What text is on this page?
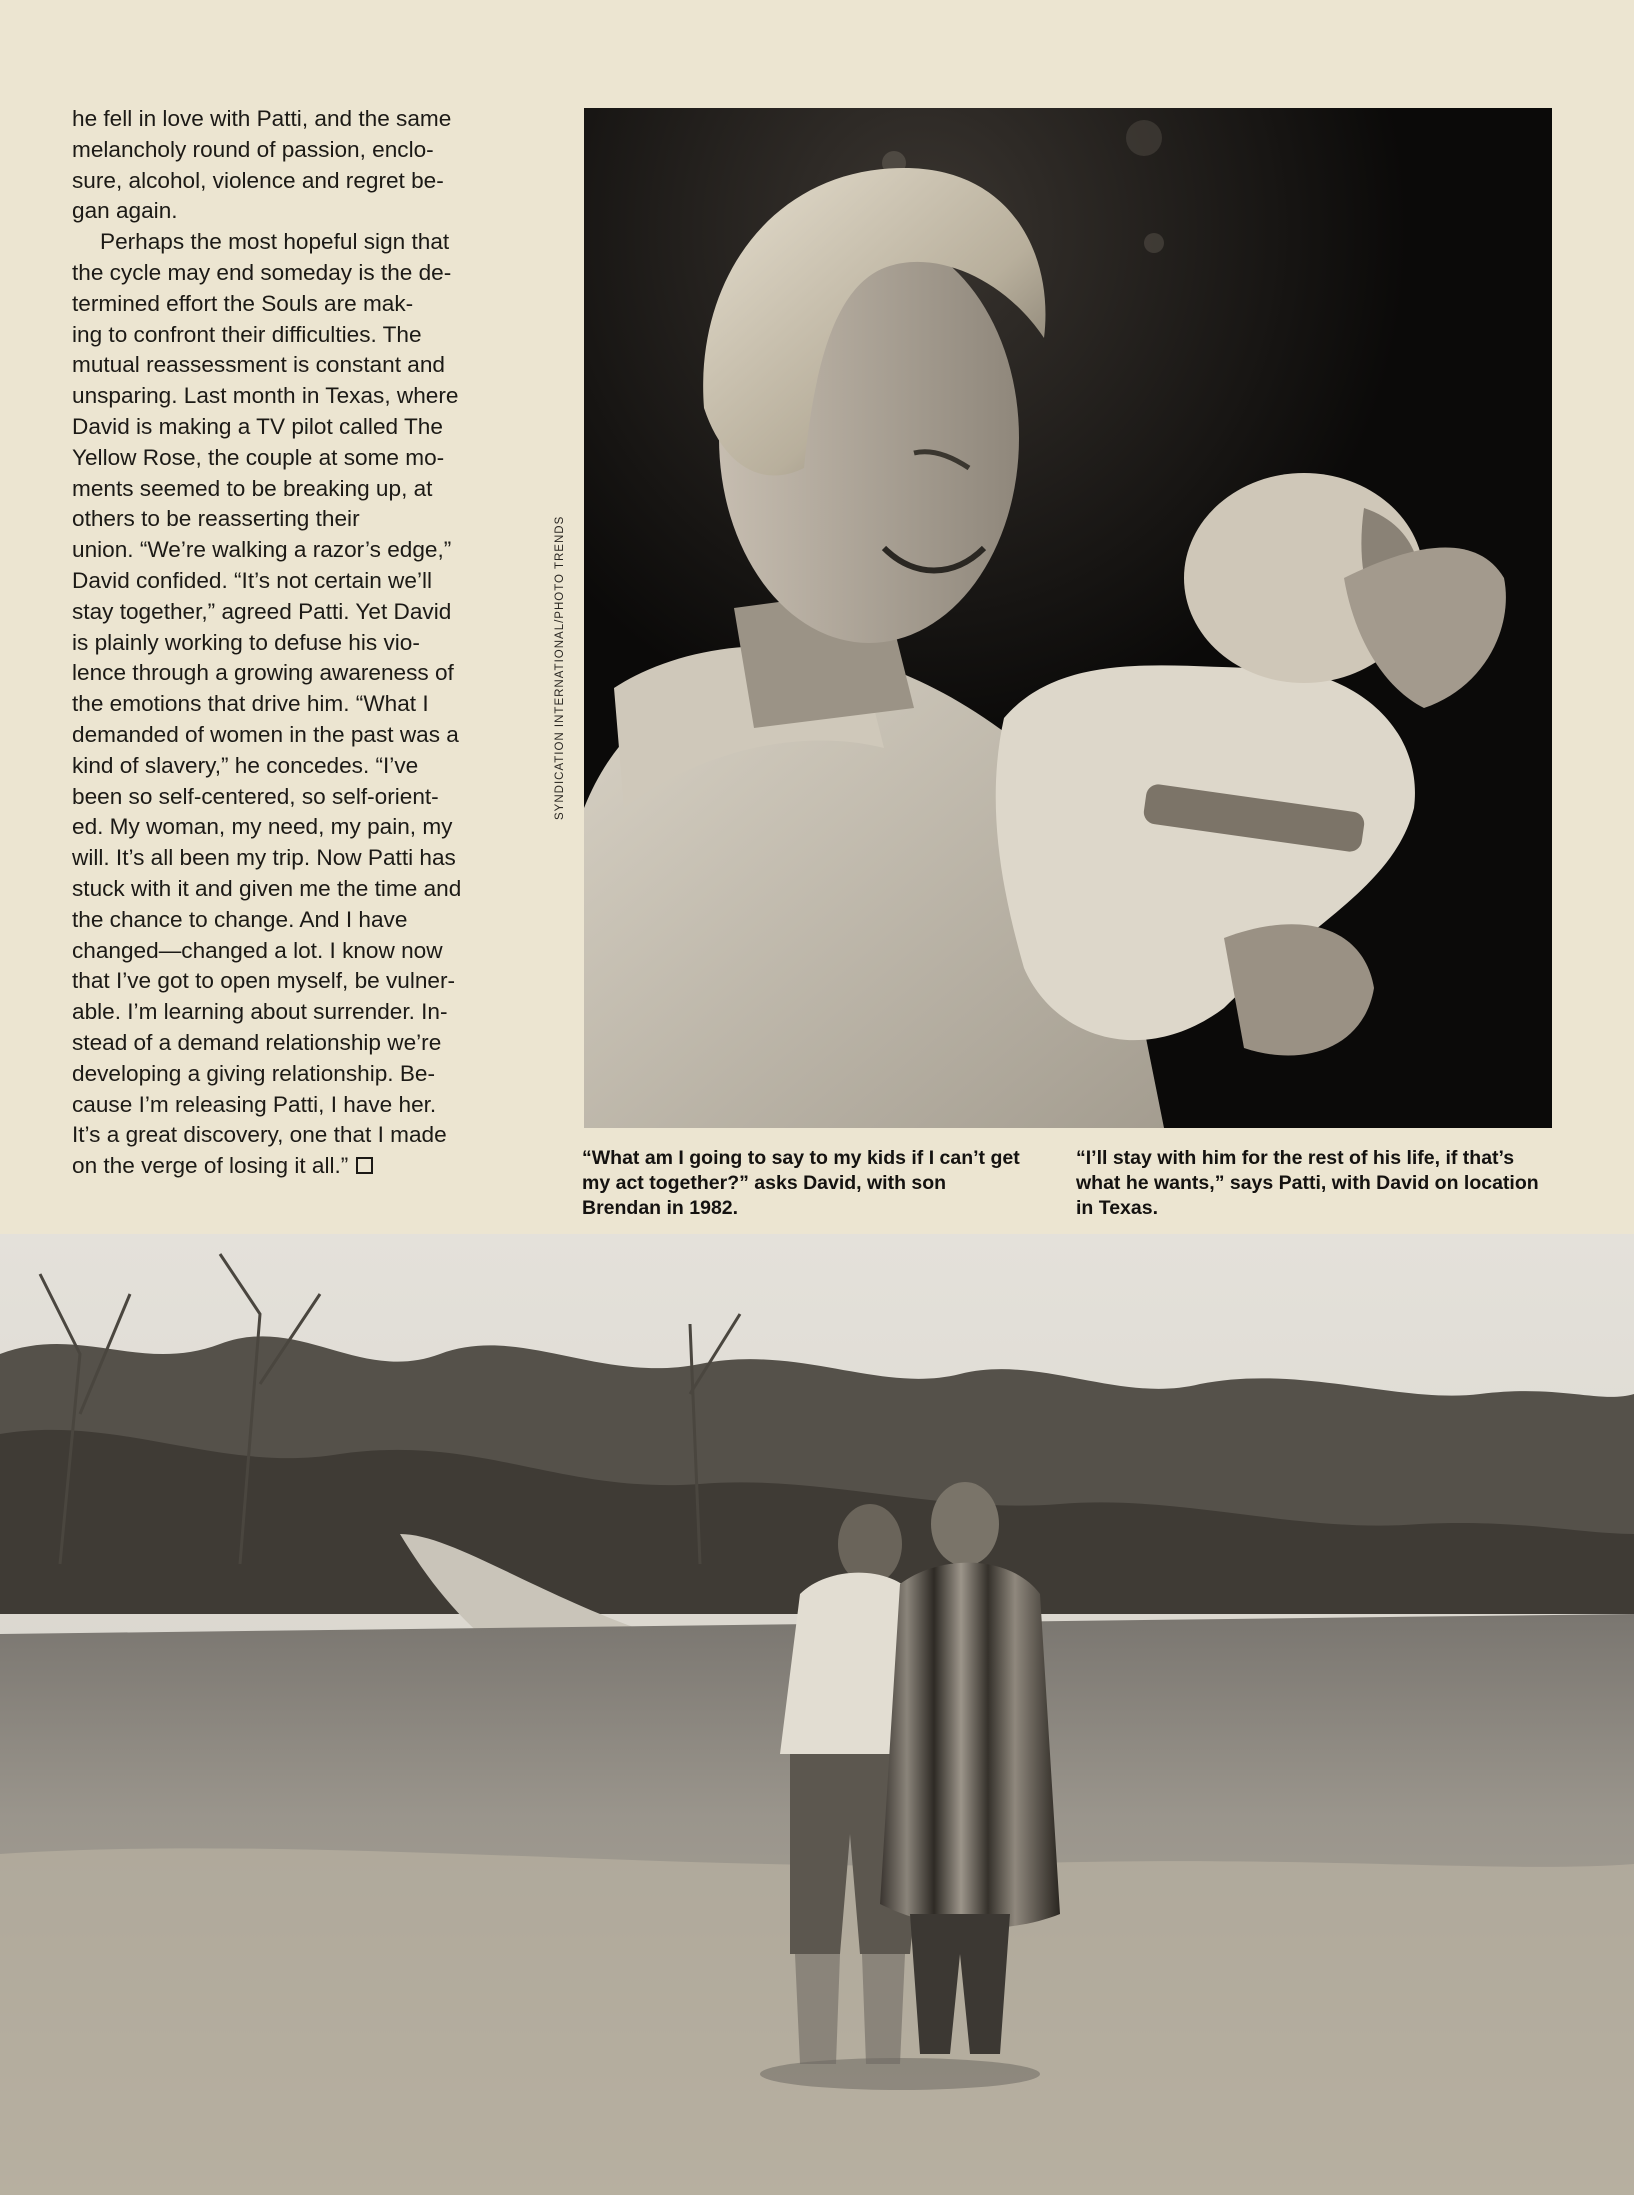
he fell in love with Patti, and the same
melancholy round of passion, enclo-
sure, alcohol, violence and regret be-
gan again.

Perhaps the most hopeful sign that
the cycle may end someday is the de-
termined effort the Souls are mak-
ing to confront their difficulties. The
mutual reassessment is constant and
unsparing. Last month in Texas, where
David is making a TV pilot called The
Yellow Rose, the couple at some mo-
ments seemed to be breaking up, at
others to be reasserting their
union. “We’re walking a razor’s edge,”
David confided. “It’s not certain we’ll
stay together,” agreed Patti. Yet David
is plainly working to defuse his vio-
lence through a growing awareness of
the emotions that drive him. “What I
demanded of women in the past was a
kind of slavery,” he concedes. “I’ve
been so self-centered, so self-orient-
ed. My woman, my need, my pain, my
will. It’s all been my trip. Now Patti has
stuck with it and given me the time and
the chance to change. And I have
changed—changed a lot. I know now
that I’ve got to open myself, be vulner-
able. I’m learning about surrender. In-
stead of a demand relationship we’re
developing a giving relationship. Be-
cause I’m releasing Patti, I have her.
It’s a great discovery, one that I made
on the verge of losing it all.”

SYNDICATION INTERNATIONAL/PHOTO TRENDS
“What am I going to say to my kids if I can’t get my act together?” asks David, with son Brendan in 1982.
“I’ll stay with him for the rest of his life, if that’s what he wants,” says Patti, with David on location in Texas.
